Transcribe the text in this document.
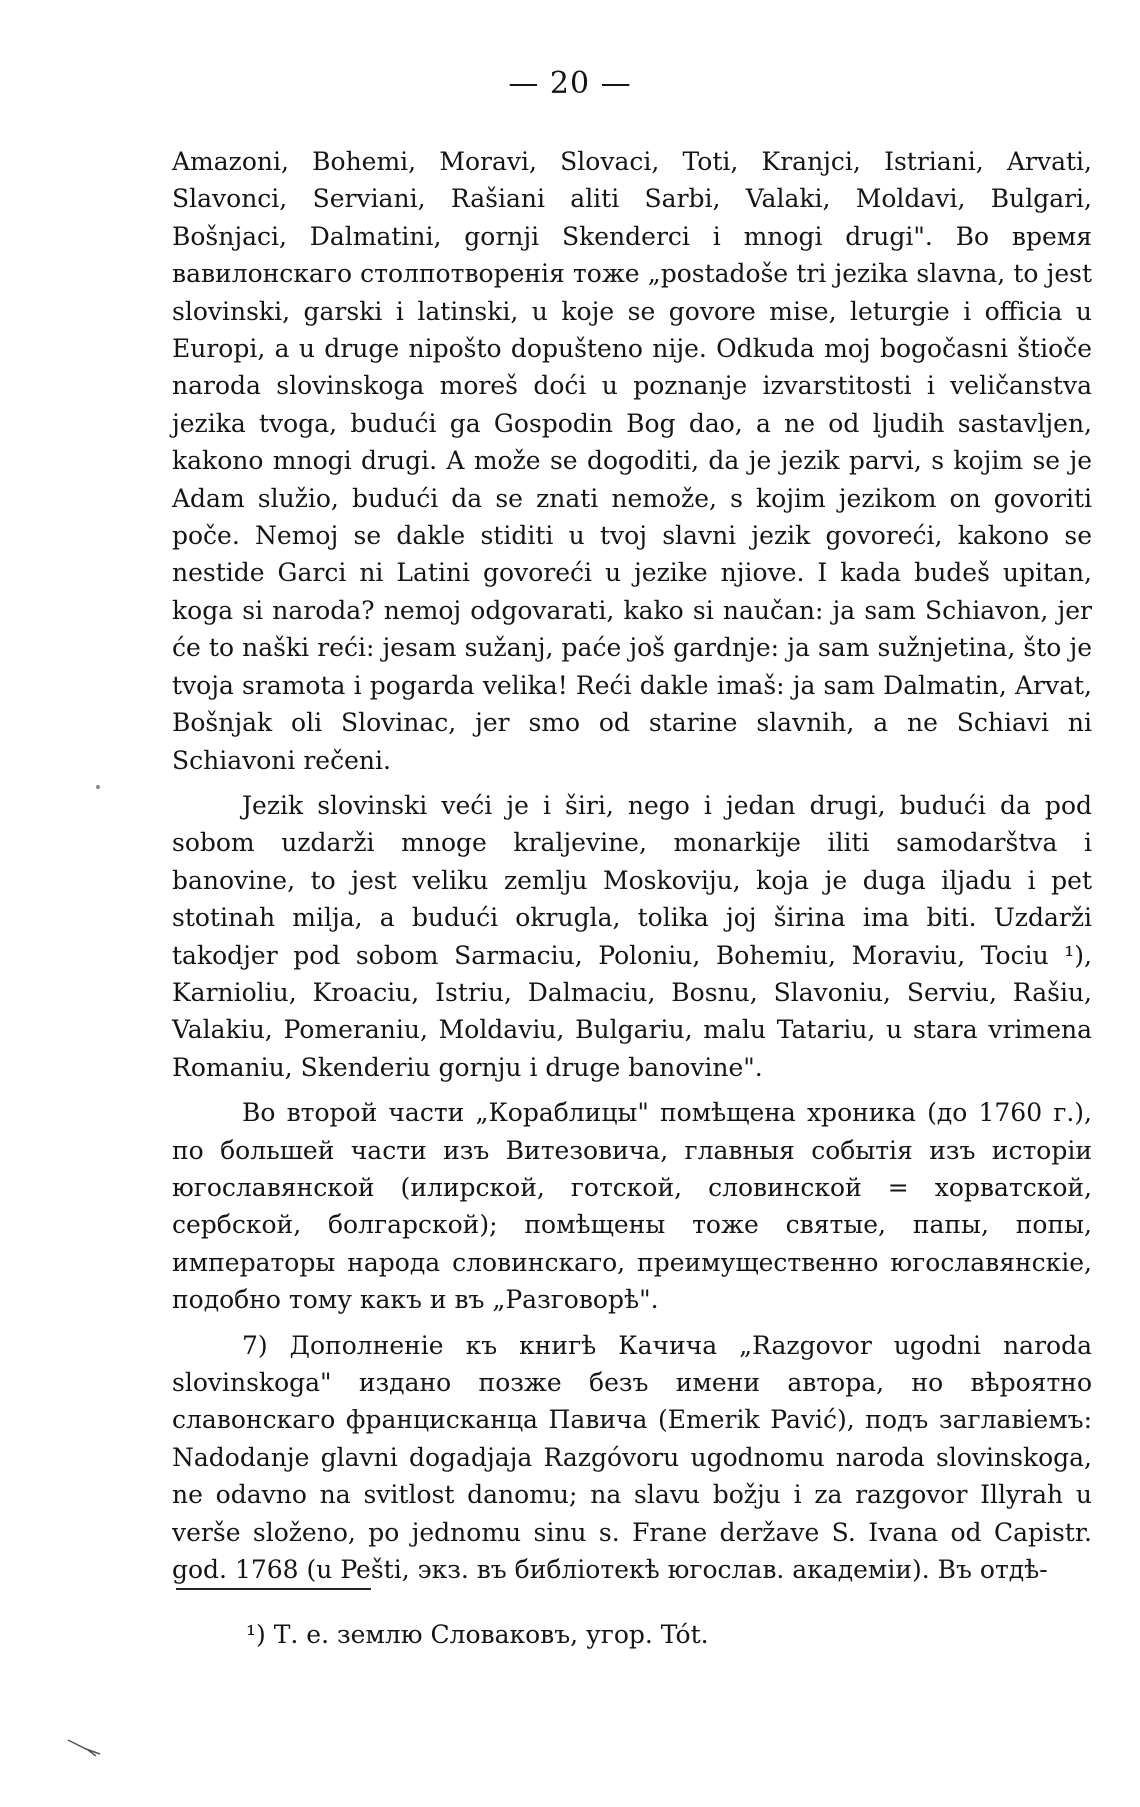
— 20 —

Amazoni, Bohemi, Moravi, Slovaci, Toti, Kranjci, Istriani, Arvati, Slavonci, Serviani, Rašiani aliti Sarbi, Valaki, Moldavi, Bulgari, Bošnjaci, Dalmatini, gornji Skenderci i mnogi drugi". Во время вавилонскаго столпотворенія тоже „postadoše tri jezika slavna, to jest slovinski, garski i latinski, u koje se govore mise, leturgie i officia u Europi, a u druge nipošto dopušteno nije. Odkuda moj bogočasni štioče naroda slovinskoga moreš doći u poznanje izvarstitosti i veličanstva jezika tvoga, budući ga Gospodin Bog dao, a ne od ljudih sastavljen, kakono mnogi drugi. A može se dogoditi, da je jezik parvi, s kojim se je Adam služio, budući da se znati nemože, s kojim jezikom on govoriti poče. Nemoj se dakle stiditi u tvoj slavni jezik govoreći, kakono se nestide Garci ni Latini govoreći u jezike njiove. I kada budeš upitan, koga si naroda? nemoj odgovarati, kako si naučan: ja sam Schiavon, jer će to naški reći: jesam sužanj, paće još gardnje: ja sam sužnjetina, što je tvoja sramota i pogarda velika! Reći dakle imaš: ja sam Dalmatin, Arvat, Bošnjak oli Slovinac, jer smo od starine slavnih, a ne Schiavi ni Schiavoni rečeni.

Jezik slovinski veći je i širi, nego i jedan drugi, budući da pod sobom uzdarži mnoge kraljevine, monarkije iliti samodarštva i banovine, to jest veliku zemlju Moskoviju, koja je duga iljadu i pet stotinah milja, a budući okrugla, tolika joj širina ima biti. Uzdarži takodjer pod sobom Sarmaciu, Poloniu, Bohemiu, Moraviu, Tociu ¹), Karnioliu, Kroaciu, Istriu, Dalmaciu, Bosnu, Slavoniu, Serviu, Rašiu, Valakiu, Pomeraniu, Moldaviu, Bulgariu, malu Tatariu, u stara vrimena Romaniu, Skenderiu gornju i druge banovine".

Во второй части „Кораблицы" помѣщена хроника (до 1760 г.), по большей части изъ Витезовича, главныя событія изъ исторіи югославянской (илирской, готской, словинской = хорватской, сербской, болгарской); помѣщены тоже святые, папы, попы, императоры народа словинскаго, преимущественно югославянскіе, подобно тому какъ и въ „Разговорѣ".

7) Дополненіе къ книгѣ Качича „Razgovor ugodni naroda slovinskoga" издано позже безъ имени автора, но вѣроятно славонскаго францисканца Павича (Emerik Pavić), подъ заглавіемъ: Nadodanje glavni dogadjaja Razgóvoru ugodnomu naroda slovinskoga, ne odavno na svitlost danomu; na slavu božju i za razgovor Illyrah u verše složeno, po jednomu sinu s. Frane deržave S. Ivana od Capistr. god. 1768 (u Pešti, экз. въ библіотекѣ югослав. академіи). Въ отдѣ-

¹) Т. е. землю Словаковъ, угор. Tót.
